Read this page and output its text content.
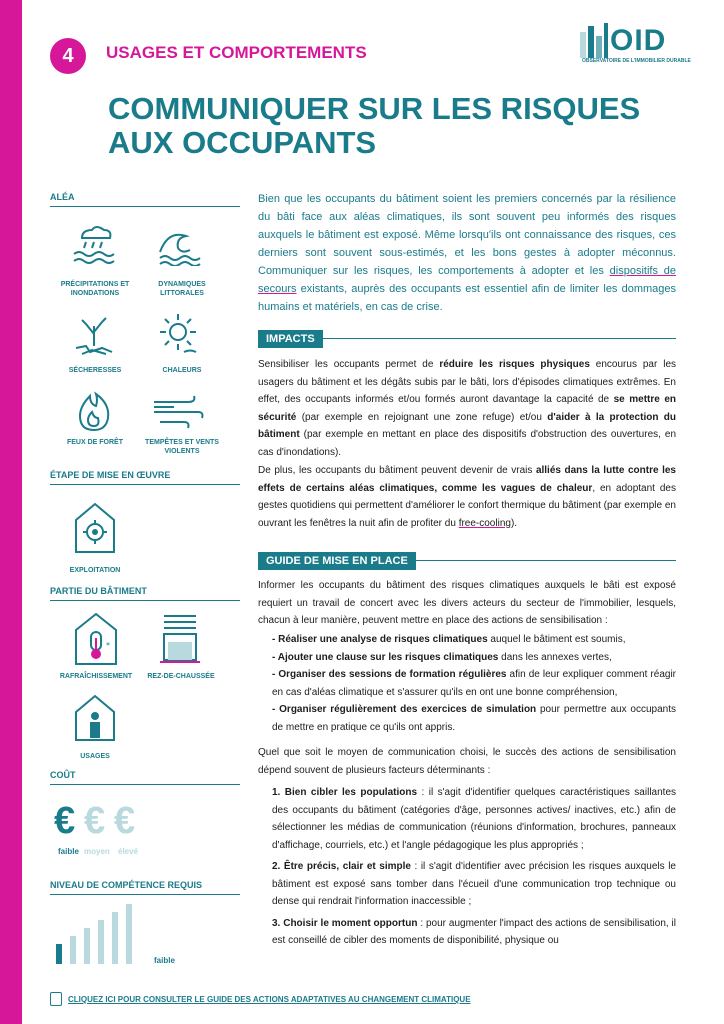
4	USAGES ET COMPORTEMENTS	OID
OBSERVATOIRE DE L'IMMOBILIER DURABLE
COMMUNIQUER SUR LES RISQUES
AUX OCCUPANTS
ALÉA
PRÉCIPITATIONS ET
INONDATIONS
DYNAMIQUES
LITTORALES
SÉCHERESSES	CHALEURS
FEUX DE FORÊT	TEMPÊTES ET VENTS
VIOLENTS
ÉTAPE DE MISE EN ŒUVRE
EXPLOITATION
PARTIE DU BÂTIMENT
*
RAFRAÎCHISSEMENT	REZ-DE-CHAUSSÉE
USAGES
COÛT
€ € €
faible moyen élevé
NIVEAU DE COMPÉTENCE REQUIS
faible
Bien que les occupants du bâtiment soient les premiers concernés par la résilience du bâti face aux aléas climatiques, ils sont souvent peu informés des risques auxquels le bâtiment est exposé. Même lorsqu'ils ont connaissance des risques, ces derniers sont souvent sous-estimés, et les bons gestes à adopter méconnus. Communiquer sur les risques, les comportements à adopter et les dispositifs de secours existants, auprès des occupants est essentiel afin de limiter les dommages humains et matériels, en cas de crise.
IMPACTS
Sensibiliser les occupants permet de réduire les risques physiques encourus par les usagers du bâtiment et les dégâts subis par le bâti, lors d'épisodes climatiques extrêmes. En effet, des occupants informés et/ou formés auront davantage la capacité de se mettre en sécurité (par exemple en rejoignant une zone refuge) et/ou d'aider à la protection du bâtiment (par exemple en mettant en place des dispositifs d'obstruction des ouvertures, en cas d'inondations).
De plus, les occupants du bâtiment peuvent devenir de vrais alliés dans la lutte contre les effets de certains aléas climatiques, comme les vagues de chaleur, en adoptant des gestes quotidiens qui permettent d'améliorer le confort thermique du bâtiment (par exemple en ouvrant les fenêtres la nuit afin de profiter du free-cooling).
GUIDE DE MISE EN PLACE
Informer les occupants du bâtiment des risques climatiques auxquels le bâti est exposé requiert un travail de concert avec les divers acteurs du secteur de l'immobilier, lesquels, chacun à leur manière, peuvent mettre en place des actions de sensibilisation :
- Réaliser une analyse de risques climatiques auquel le bâtiment est soumis,
- Ajouter une clause sur les risques climatiques dans les annexes vertes,
- Organiser des sessions de formation régulières afin de leur expliquer comment réagir en cas d'aléas climatique et s'assurer qu'ils en ont une bonne compréhension,
- Organiser régulièrement des exercices de simulation pour permettre aux occupants de mettre en pratique ce qu'ils ont appris.
Quel que soit le moyen de communication choisi, le succès des actions de sensibilisation dépend souvent de plusieurs facteurs déterminants :
1. Bien cibler les populations : il s'agit d'identifier quelques caractéristiques saillantes des occupants du bâtiment (catégories d'âge, personnes actives/ inactives, etc.) afin de sélectionner les médias de communication (réunions d'information, brochures, panneaux d'affichage, courriels, etc.) et l'angle pédagogique les plus appropriés ;
2. Être précis, clair et simple : il s'agit d'identifier avec précision les risques auxquels le bâtiment est exposé sans tomber dans l'écueil d'une communication trop technique ou dense qui rendrait l'information inaccessible ;
3. Choisir le moment opportun : pour augmenter l'impact des actions de sensibilisation, il est conseillé de cibler des moments de disponibilité, physique ou
CLIQUEZ ICI POUR CONSULTER LE GUIDE DES ACTIONS ADAPTATIVES AU CHANGEMENT CLIMATIQUE
